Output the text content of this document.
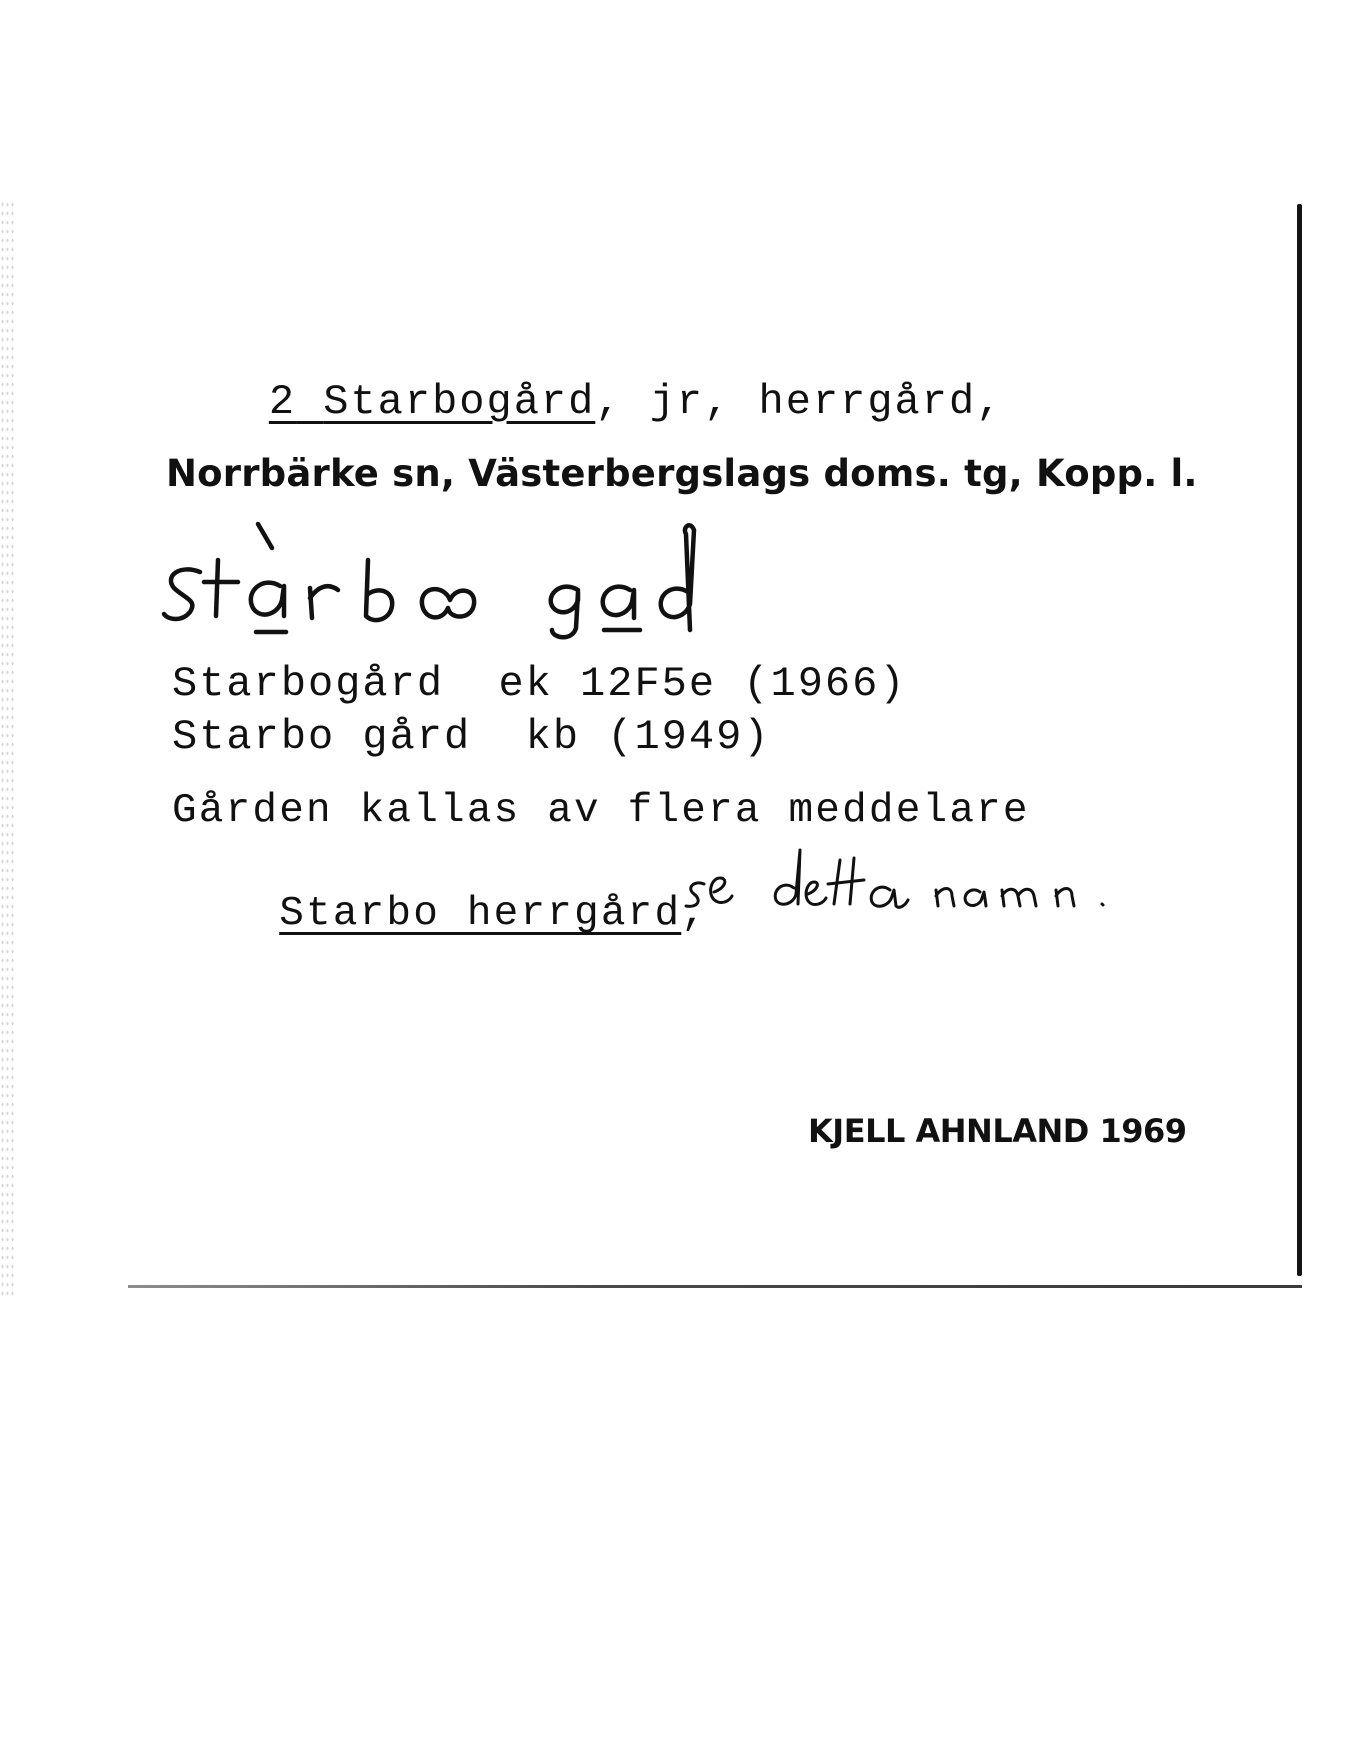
2 Starbogård, jr, herrgård,

Norrbärke sn, Västerbergslags doms. tg, Kopp. l.
Starbogård  ek 12F5e (1966)
Starbo gård  kb (1949)
Gården kallas av flera meddelare

Starbo herrgård,

KJELL AHNLAND 1969
